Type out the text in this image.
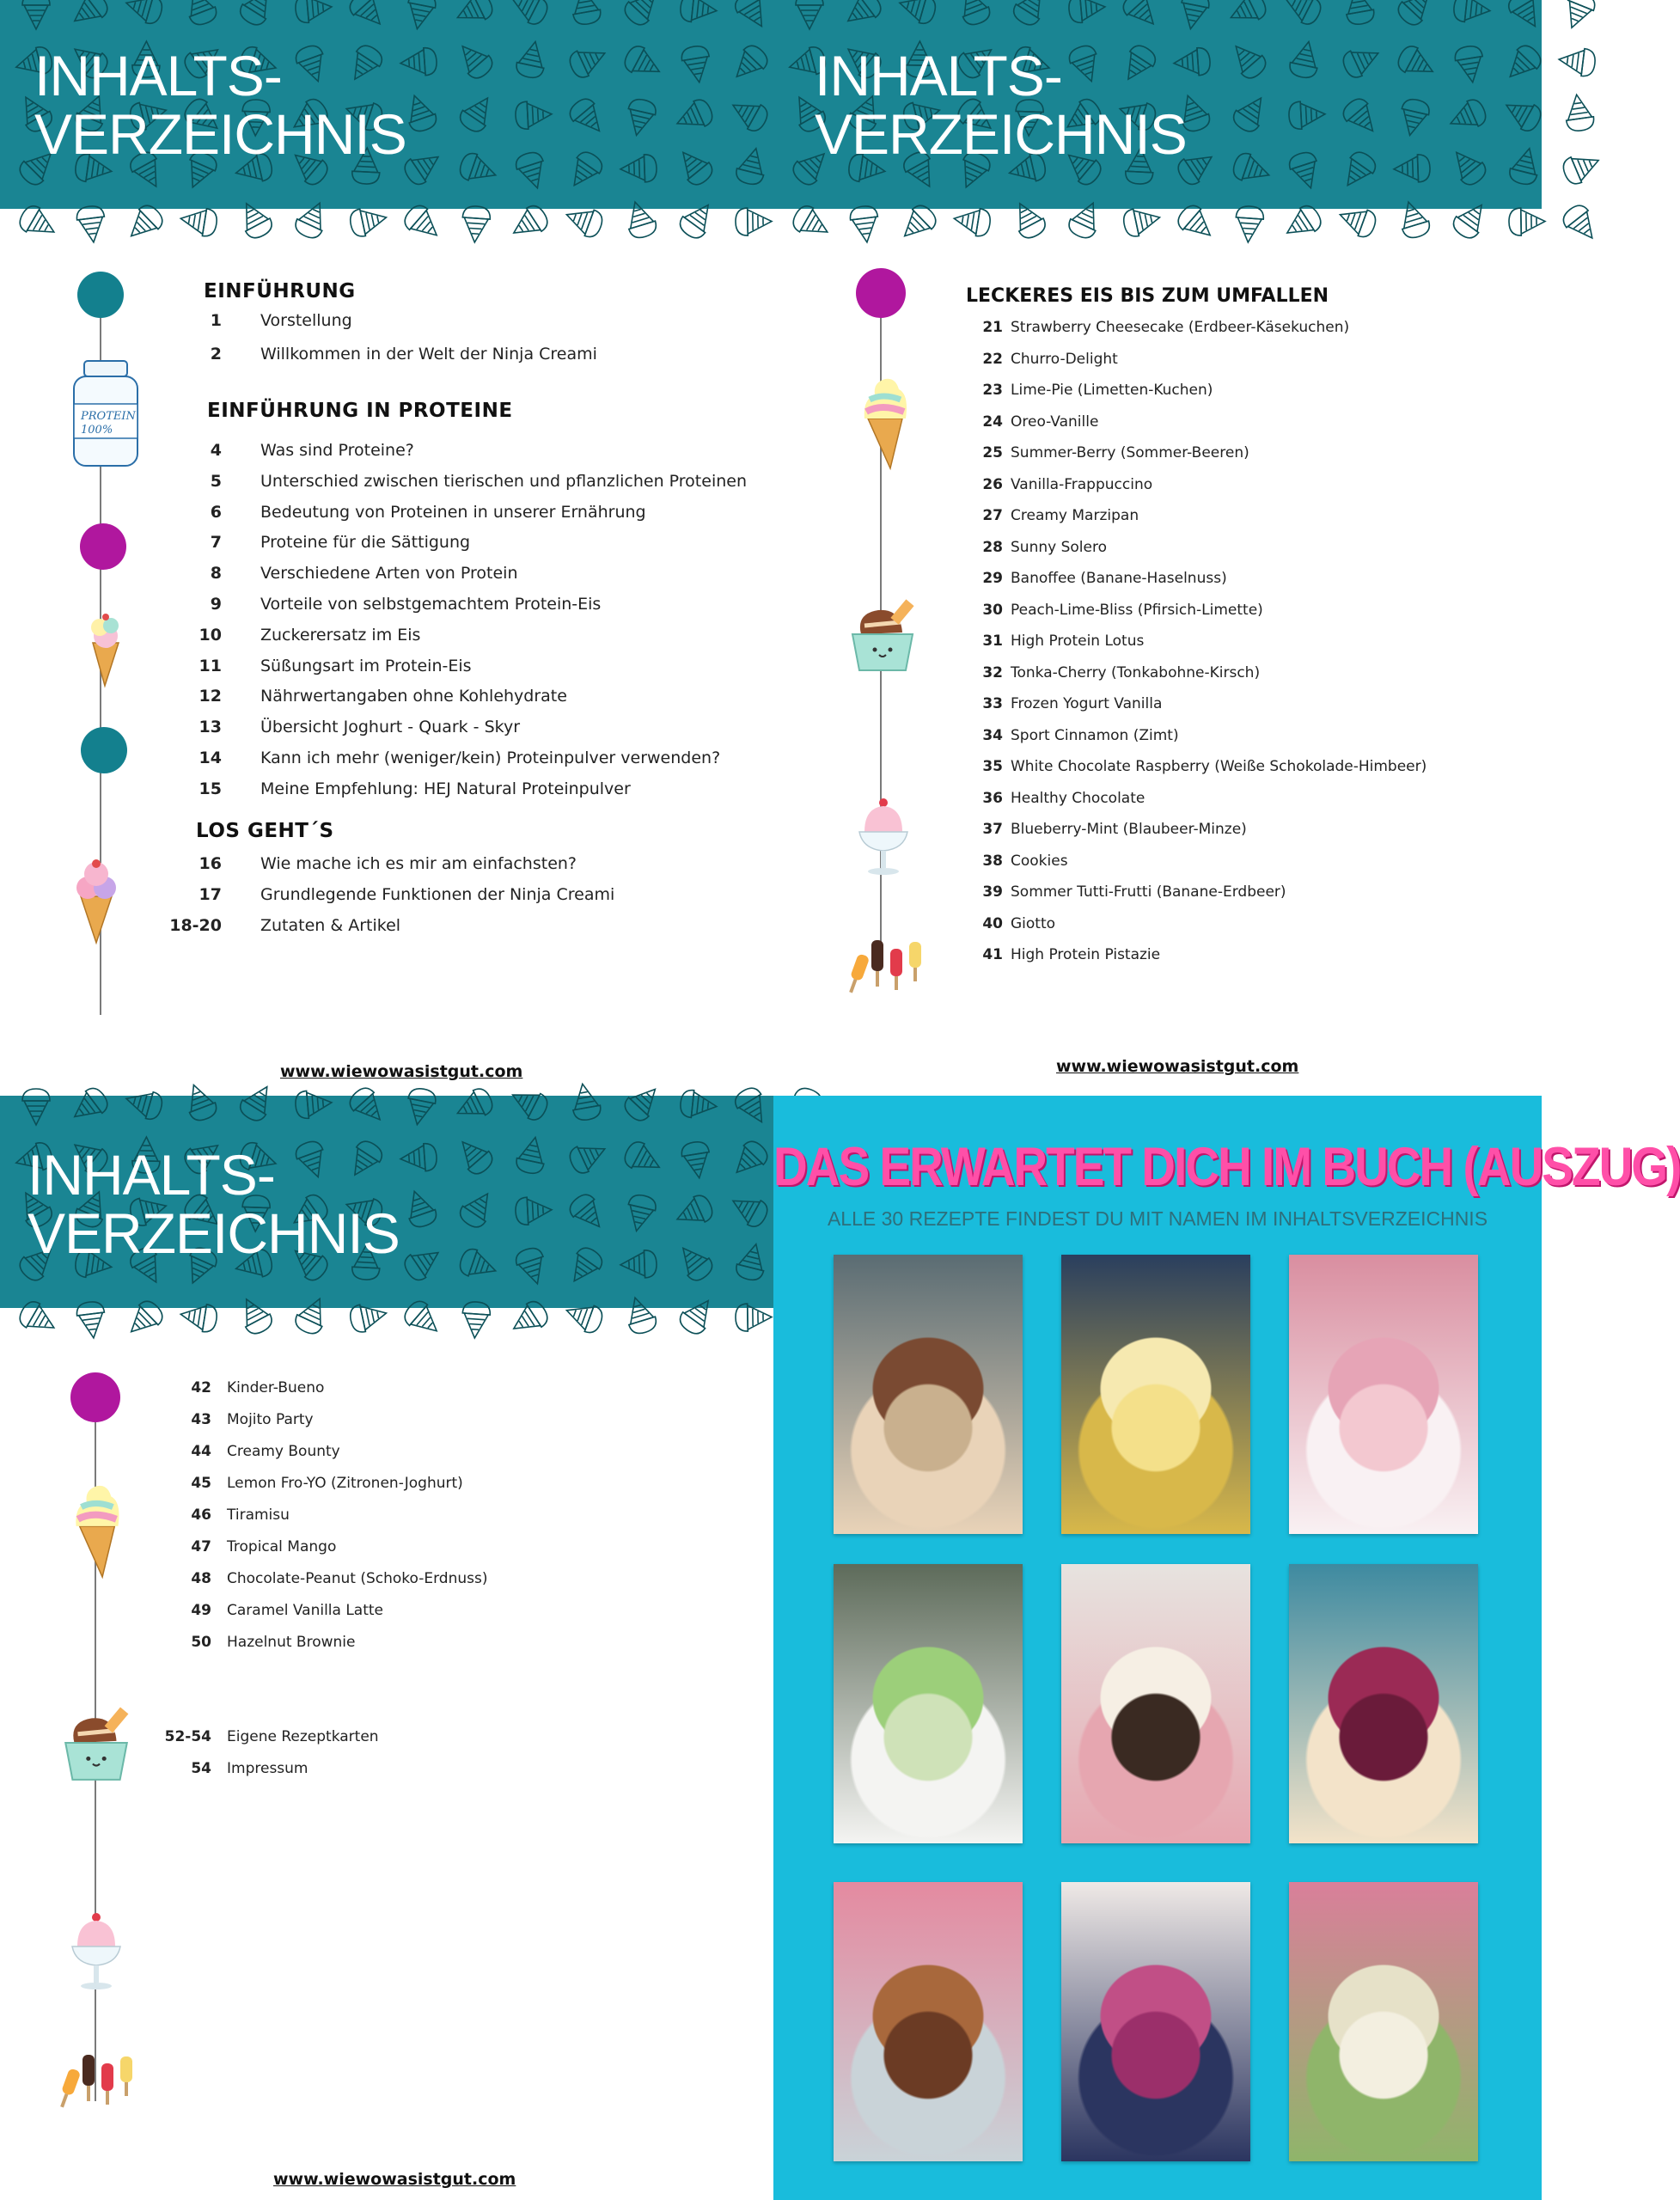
INHALTS-
VERZEICHNIS
PROTEIN
100%
EINFÜHRUNG
1 Vorstellung
2 Willkommen in der Welt der Ninja Creami
EINFÜHRUNG IN PROTEINE
4 Was sind Proteine?
5 Unterschied zwischen tierischen und pflanzlichen Proteinen
6 Bedeutung von Proteinen in unserer Ernährung
7 Proteine für die Sättigung
8 Verschiedene Arten von Protein
9 Vorteile von selbstgemachtem Protein-Eis
10 Zuckerersatz im Eis
11 Süßungsart im Protein-Eis
12 Nährwertangaben ohne Kohlehydrate
13 Übersicht Joghurt - Quark - Skyr
14 Kann ich mehr (weniger/kein) Proteinpulver verwenden?
15 Meine Empfehlung: HEJ Natural Proteinpulver
LOS GEHT´S
16 Wie mache ich es mir am einfachsten?
17 Grundlegende Funktionen der Ninja Creami
18-20 Zutaten & Artikel
www.wiewowasistgut.com
INHALTS-
VERZEICHNIS
LECKERES EIS BIS ZUM UMFALLEN
21 Strawberry Cheesecake (Erdbeer-Käsekuchen)
22 Churro-Delight
23 Lime-Pie (Limetten-Kuchen)
24 Oreo-Vanille
25 Summer-Berry (Sommer-Beeren)
26 Vanilla-Frappuccino
27 Creamy Marzipan
28 Sunny Solero
29 Banoffee (Banane-Haselnuss)
30 Peach-Lime-Bliss (Pfirsich-Limette)
31 High Protein Lotus
32 Tonka-Cherry (Tonkabohne-Kirsch)
33 Frozen Yogurt Vanilla
34 Sport Cinnamon (Zimt)
35 White Chocolate Raspberry (Weiße Schokolade-Himbeer)
36 Healthy Chocolate
37 Blueberry-Mint (Blaubeer-Minze)
38 Cookies
39 Sommer Tutti-Frutti (Banane-Erdbeer)
40 Giotto
41 High Protein Pistazie
www.wiewowasistgut.com
INHALTS-
VERZEICHNIS
42 Kinder-Bueno
43 Mojito Party
44 Creamy Bounty
45 Lemon Fro-YO (Zitronen-Joghurt)
46 Tiramisu
47 Tropical Mango
48 Chocolate-Peanut (Schoko-Erdnuss)
49 Caramel Vanilla Latte
50 Hazelnut Brownie
52-54 Eigene Rezeptkarten
54 Impressum
www.wiewowasistgut.com
DAS ERWARTET DICH IM BUCH (AUSZUG)
ALLE 30 REZEPTE FINDEST DU MIT NAMEN IM INHALTSVERZEICHNIS
